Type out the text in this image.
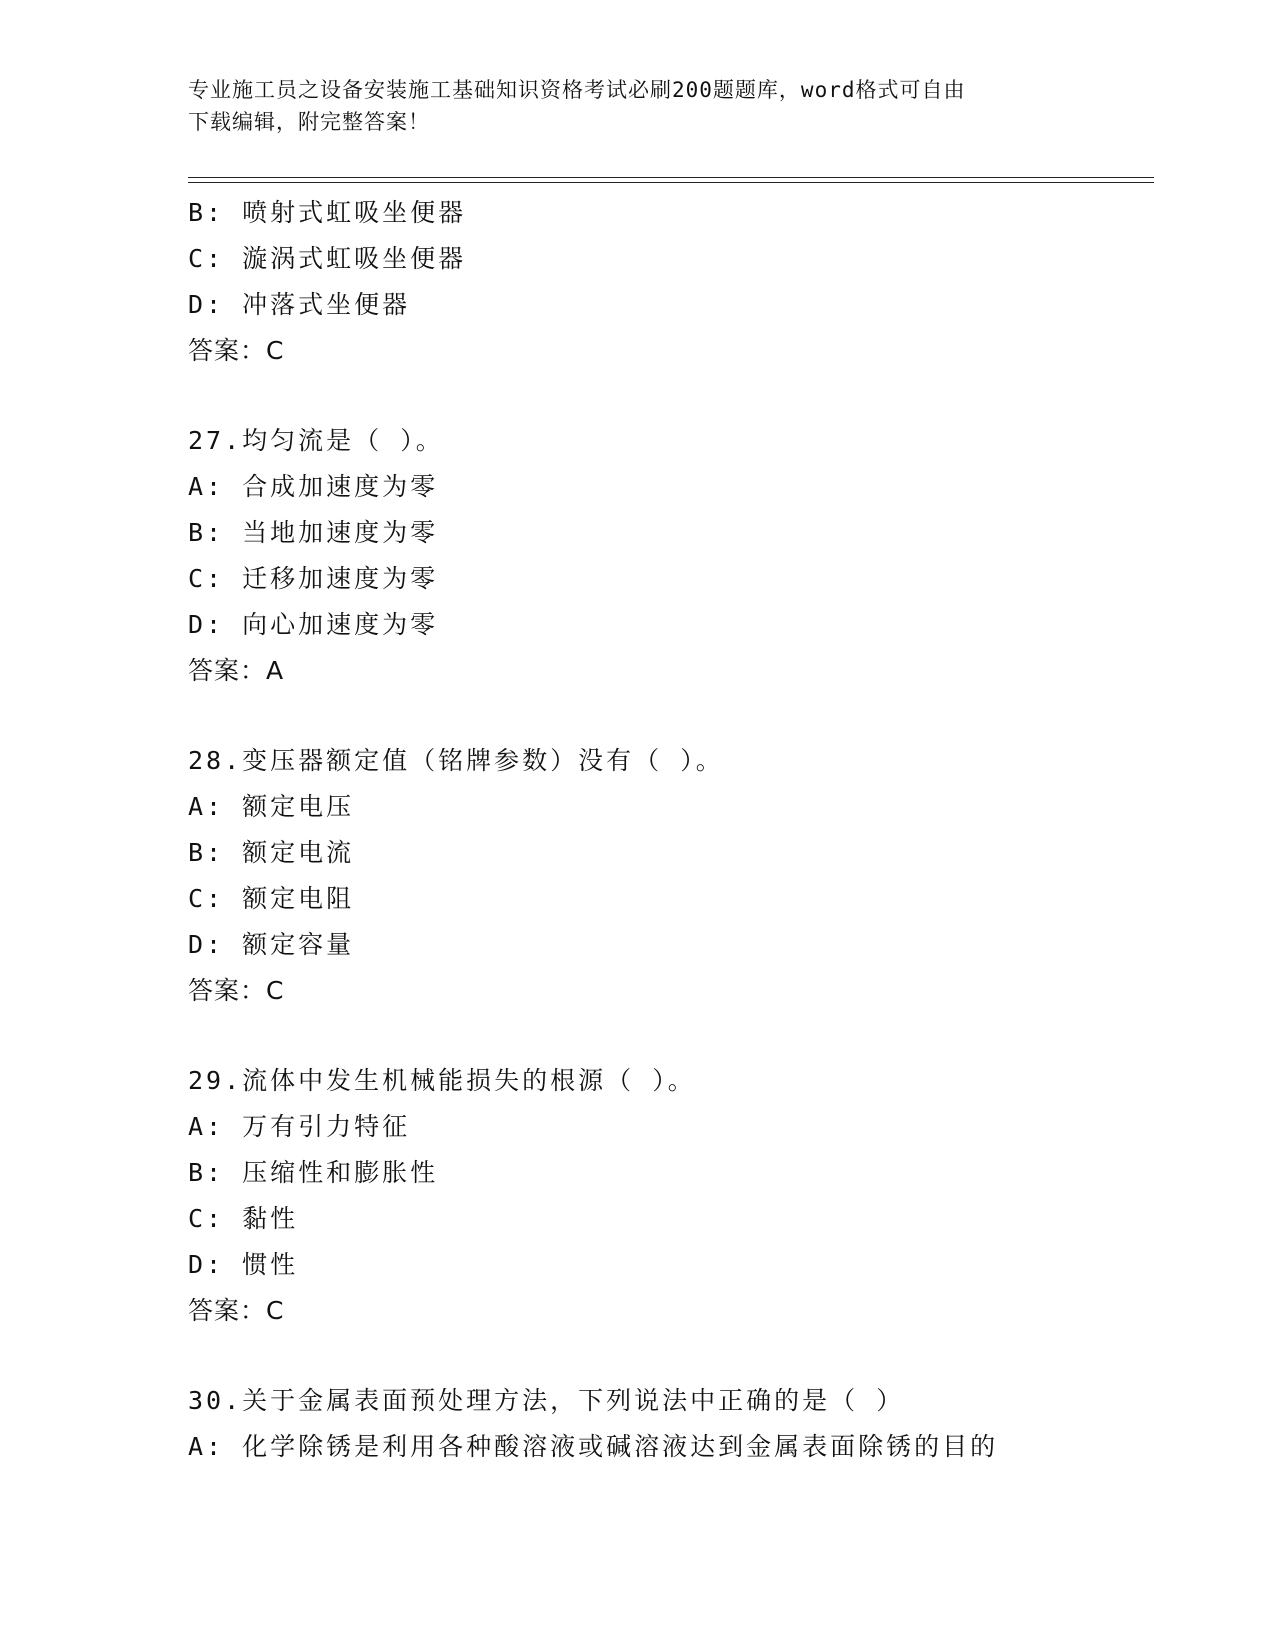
专业施工员之设备安装施工基础知识资格考试必刷200题题库，word格式可自由
下载编辑，附完整答案！
B: 喷射式虹吸坐便器
C: 漩涡式虹吸坐便器
D: 冲落式坐便器
答案：C
27.均匀流是（ ）。
A: 合成加速度为零
B: 当地加速度为零
C: 迁移加速度为零
D: 向心加速度为零
答案：A
28.变压器额定值（铭牌参数）没有（ ）。
A: 额定电压
B: 额定电流
C: 额定电阻
D: 额定容量
答案：C
29.流体中发生机械能损失的根源（ ）。
A: 万有引力特征
B: 压缩性和膨胀性
C: 黏性
D: 惯性
答案：C
30.关于金属表面预处理方法，下列说法中正确的是（ ）
A: 化学除锈是利用各种酸溶液或碱溶液达到金属表面除锈的目的
